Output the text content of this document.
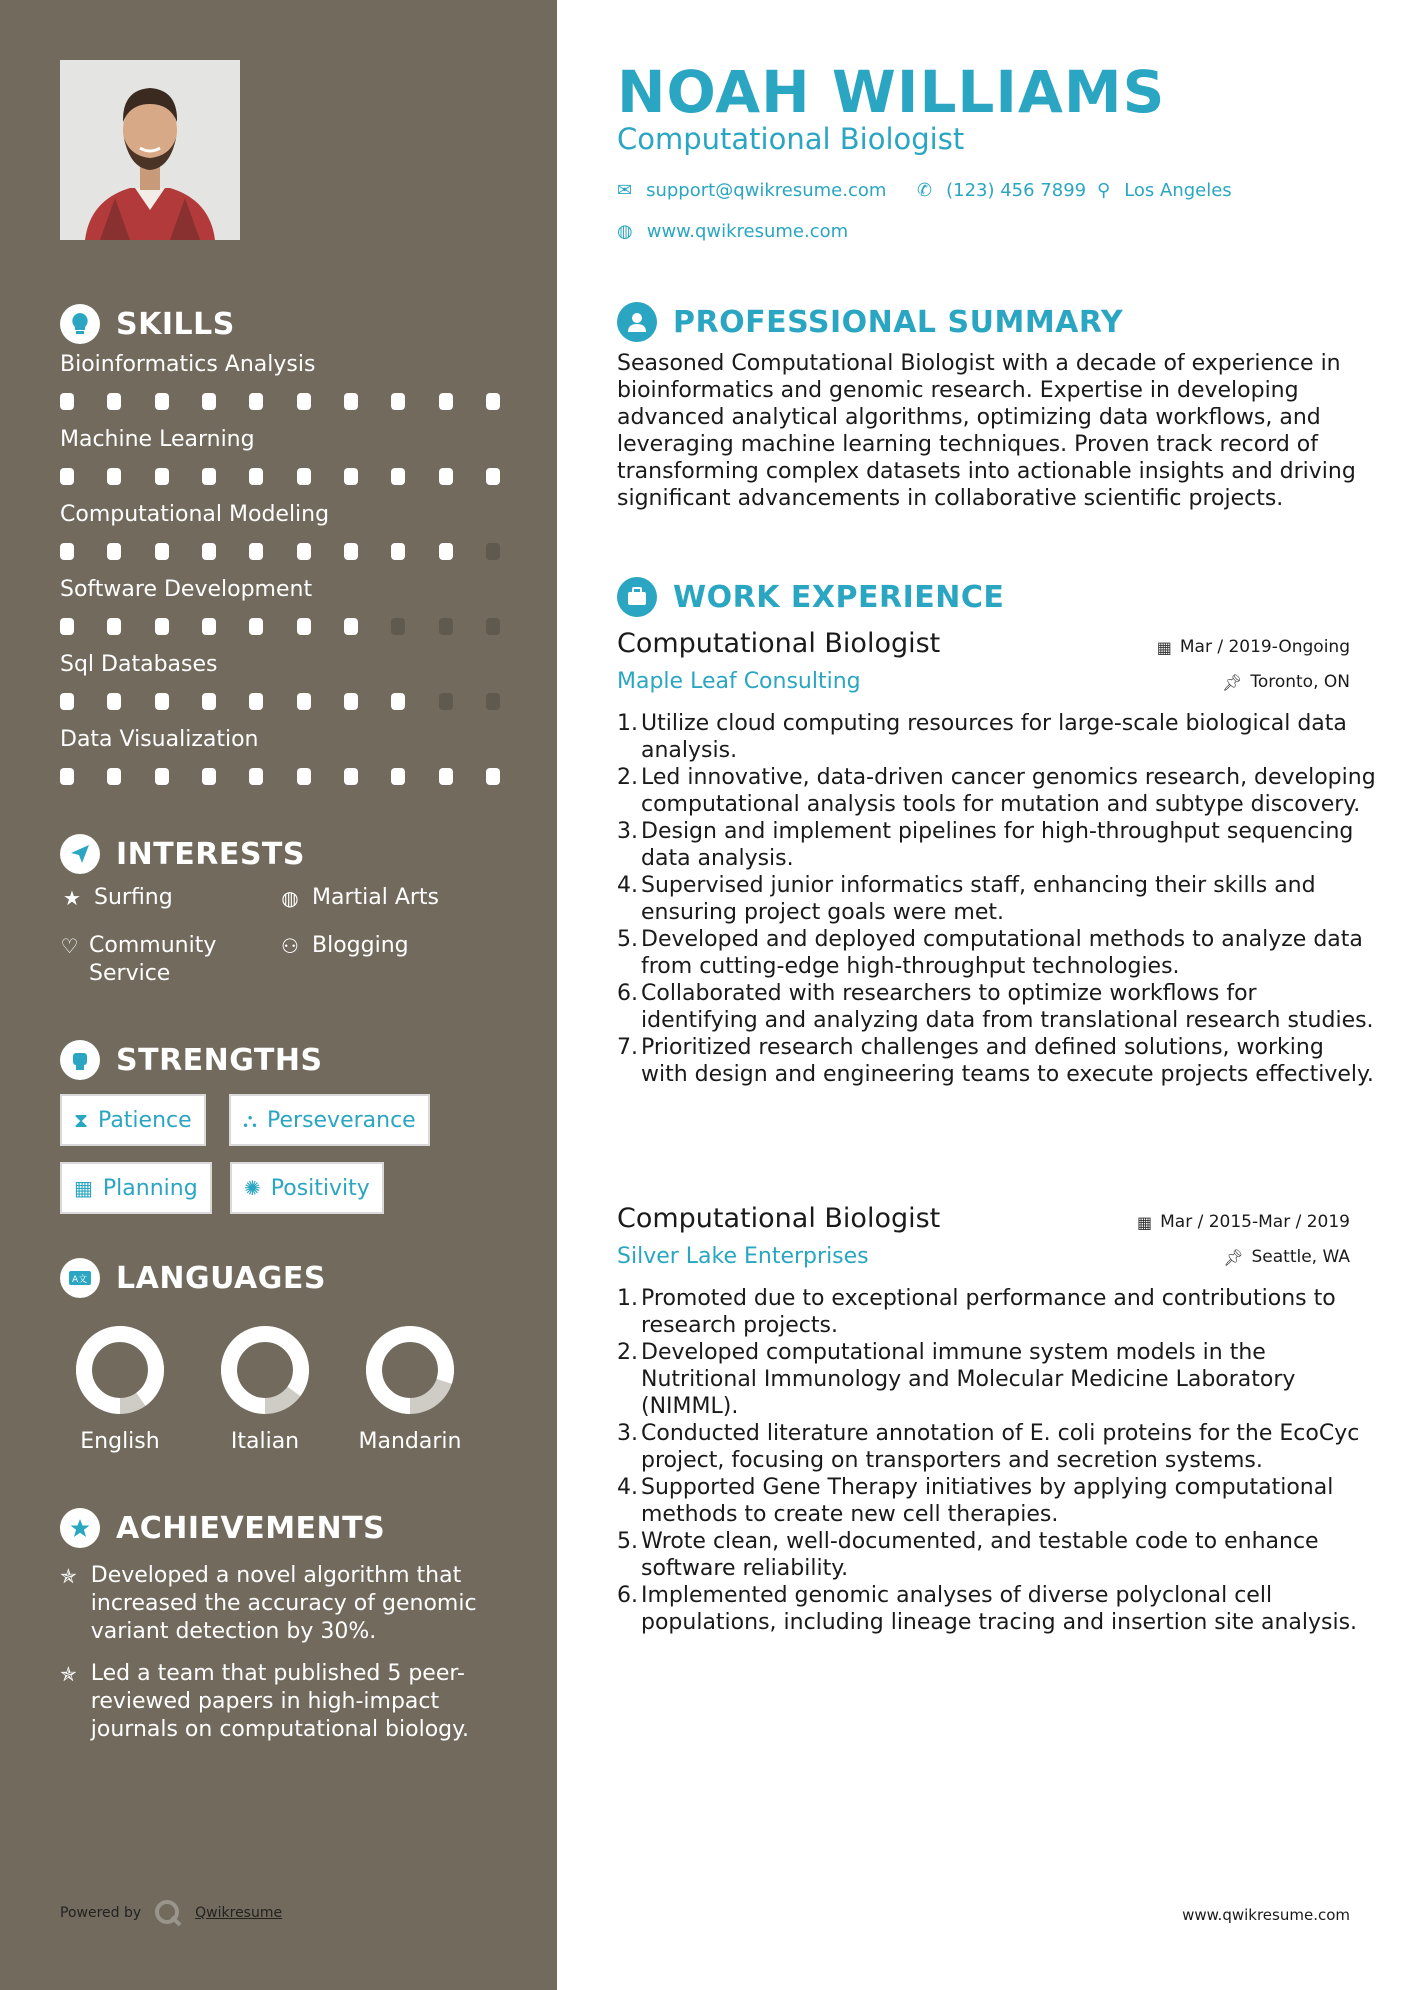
SKILLS
Bioinformatics Analysis
Machine Learning
Computational Modeling
Software Development
Sql Databases
Data Visualization
INTERESTS
★ Surfing	◍ Martial Arts
♡ Community Service
⚇ Blogging
STRENGTHS
⧗ Patience	⛬ Perseverance
▦ Planning ✺ Positivity
A文 LANGUAGES
English	Italian	Mandarin
ACHIEVEMENTS
✯ Developed a novel algorithm that increased the accuracy of genomic variant detection by 30%.
✯ Led a team that published 5 peer-reviewed papers in high-impact journals on computational biology.
Powered by	Qwikresume
NOAH WILLIAMS
Computational Biologist
✉ support@qwikresume.com ✆ (123) 456 7899 ⚲ Los Angeles
◍ www.qwikresume.com
PROFESSIONAL SUMMARY
Seasoned Computational Biologist with a decade of experience in bioinformatics and genomic research. Expertise in developing advanced analytical algorithms, optimizing data workflows, and leveraging machine learning techniques. Proven track record of transforming complex datasets into actionable insights and driving significant advancements in collaborative scientific projects.
WORK EXPERIENCE
Computational Biologist	▦ Mar / 2019-Ongoing
Maple Leaf Consulting	📌︎ Toronto, ON
1. Utilize cloud computing resources for large-scale biological data analysis.
2. Led innovative, data-driven cancer genomics research, developing computational analysis tools for mutation and subtype discovery.
3. Design and implement pipelines for high-throughput sequencing data analysis.
4. Supervised junior informatics staff, enhancing their skills and ensuring project goals were met.
5. Developed and deployed computational methods to analyze data from cutting-edge high-throughput technologies.
6. Collaborated with researchers to optimize workflows for identifying and analyzing data from translational research studies.
7. Prioritized research challenges and defined solutions, working with design and engineering teams to execute projects effectively.
Computational Biologist	▦ Mar / 2015-Mar / 2019
Silver Lake Enterprises	📌︎ Seattle, WA
1. Promoted due to exceptional performance and contributions to research projects.
2. Developed computational immune system models in the Nutritional Immunology and Molecular Medicine Laboratory (NIMML).
3. Conducted literature annotation of E. coli proteins for the EcoCyc project, focusing on transporters and secretion systems.
4. Supported Gene Therapy initiatives by applying computational methods to create new cell therapies.
5. Wrote clean, well-documented, and testable code to enhance software reliability.
6. Implemented genomic analyses of diverse polyclonal cell populations, including lineage tracing and insertion site analysis.
www.qwikresume.com
